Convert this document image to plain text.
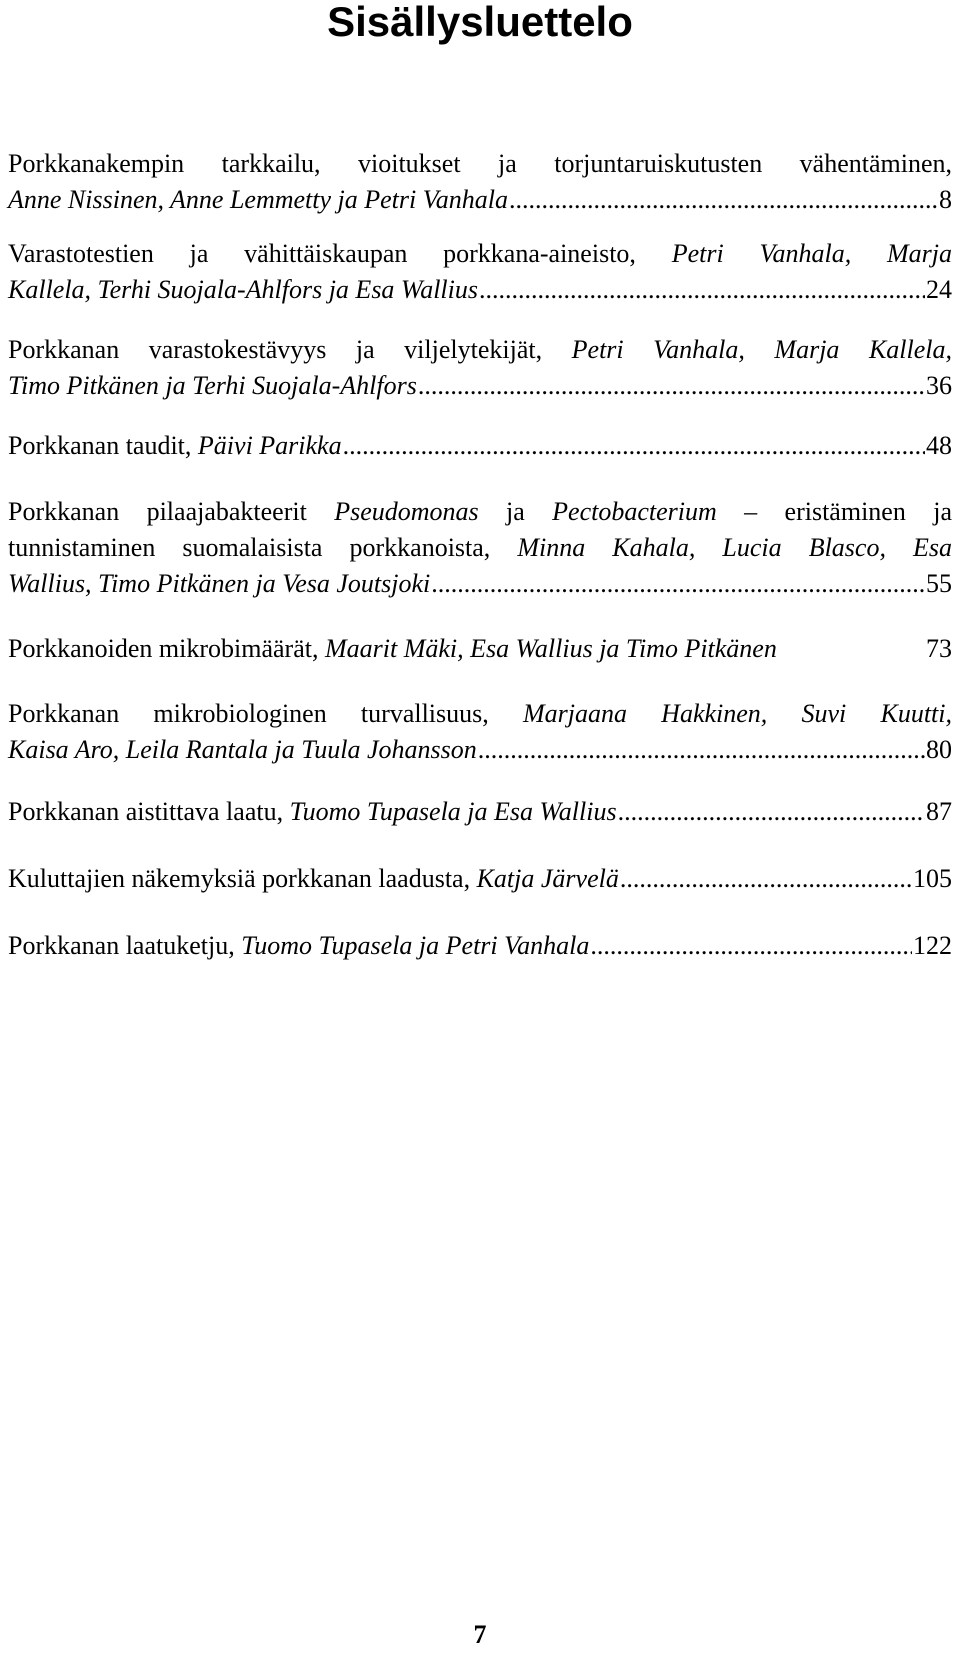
Sisällysluettelo
Porkkanakempin tarkkailu, vioitukset ja torjuntaruiskutusten vähentäminen,
Anne Nissinen, Anne Lemmetty ja Petri Vanhala .....	8
Varastotestien ja vähittäiskaupan porkkana-aineisto, Petri Vanhala, Marja
Kallela, Terhi Suojala-Ahlfors ja Esa Wallius .....	24
Porkkanan varastokestävyys ja viljelytekijät, Petri Vanhala, Marja Kallela,
Timo Pitkänen ja Terhi Suojala-Ahlfors .....	36
Porkkanan taudit, Päivi Parikka .....	48
Porkkanan pilaajabakteerit Pseudomonas ja Pectobacterium – eristäminen ja
tunnistaminen suomalaisista porkkanoista, Minna Kahala, Lucia Blasco, Esa
Wallius, Timo Pitkänen ja Vesa Joutsjoki .....	55
Porkkanoiden mikrobimäärät, Maarit Mäki, Esa Wallius ja Timo Pitkänen	73
Porkkanan mikrobiologinen turvallisuus, Marjaana Hakkinen, Suvi Kuutti,
Kaisa Aro, Leila Rantala ja Tuula Johansson .....	80
Porkkanan aistittava laatu, Tuomo Tupasela ja Esa Wallius .....	87
Kuluttajien näkemyksiä porkkanan laadusta, Katja Järvelä .....	105
Porkkanan laatuketju, Tuomo Tupasela ja Petri Vanhala .....	122
7
